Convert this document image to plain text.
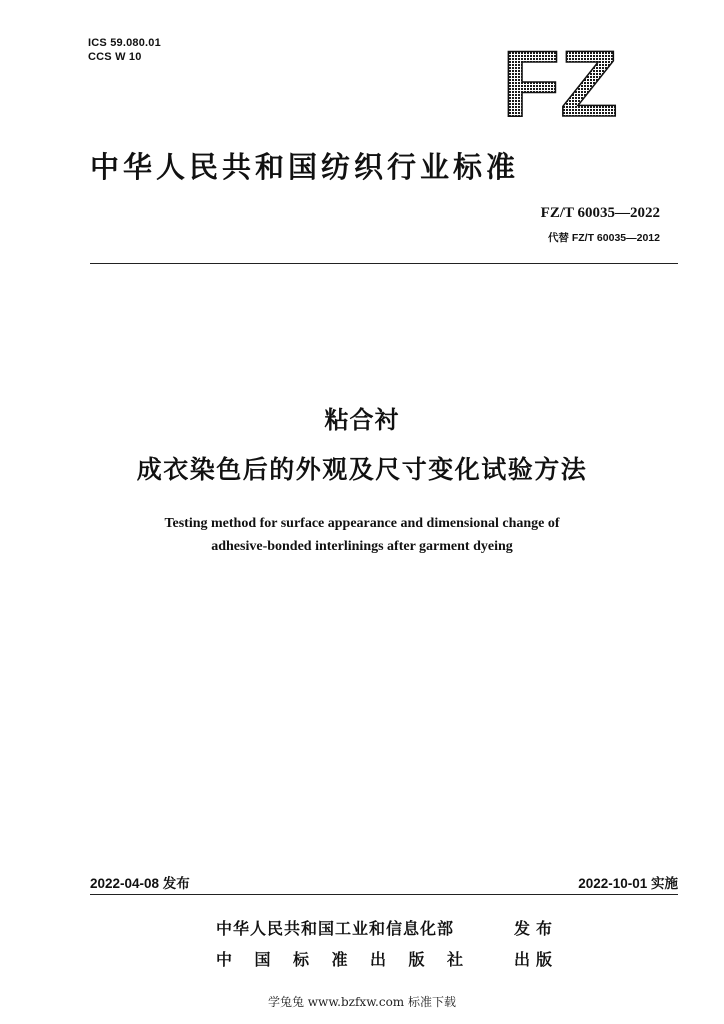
ICS 59.080.01
CCS W 10	FZ
中华人民共和国纺织行业标准
FZ/T 60035—2022
代替 FZ/T 60035—2012
粘合衬
成衣染色后的外观及尺寸变化试验方法
Testing method for surface appearance and dimensional change of
adhesive-bonded interlinings after garment dyeing
2022-04-08 发布	2022-10-01 实施
中华人民共和国工业和信息化部	发布
中国标准出版社 出版
学兔兔 www.bzfxw.com 标准下载
